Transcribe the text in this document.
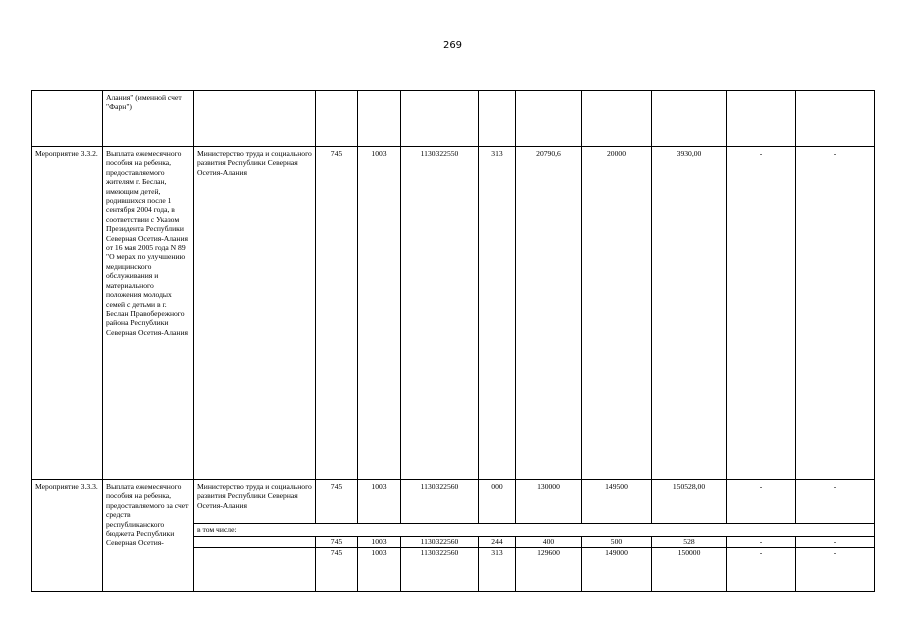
269
	Алания" (именной счет "Фарн")										
Мероприятие 3.3.2.	Выплата ежемесячного пособия на ребенка, предоставляемого жителям г. Беслан, имеющим детей, родившихся после 1 сентября 2004 года, в соответствии с Указом Президента Республики Северная Осетия-Алания от 16 мая 2005 года N 89 "О мерах по улучшению медицинского обслуживания и материального положения молодых семей с детьми в г. Беслан Правобережного района Республики Северная Осетия-Алания	Министерство труда и социального развития Республики Северная Осетия-Алания	745	1003	1130322550	313	20790,6	20000	3930,00	-	-
Мероприятие 3.3.3.	Выплата ежемесячного пособия на ребенка, предоставляемого за счет средств республиканского бюджета Республики Северная Осетия-	Министерство труда и социального развития Республики Северная Осетия-Алания	745	1003	1130322560	000	130000	149500	150528,00	-	-
		в том числе:									
			745	1003	1130322560	244	400	500	528	-	-
			745	1003	1130322560	313	129600	149000	150000	-	-
